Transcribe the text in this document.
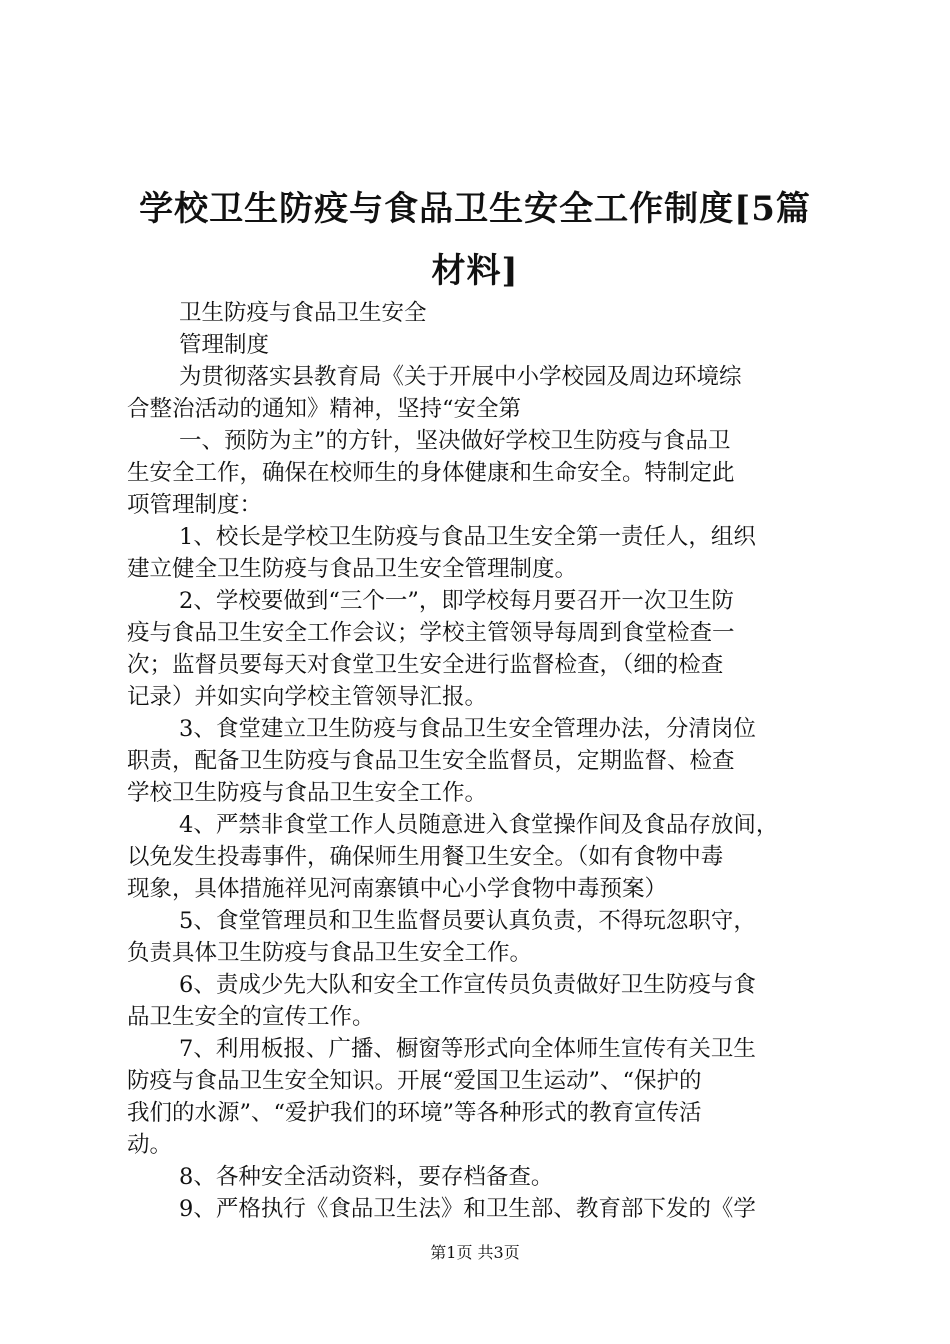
学校卫生防疫与食品卫生安全工作制度[5篇
材料]
卫生防疫与食品卫生安全
管理制度
为贯彻落实县教育局《关于开展中小学校园及周边环境综
合整治活动的通知》精神，坚持“安全第
一、预防为主”的方针，坚决做好学校卫生防疫与食品卫
生安全工作，确保在校师生的身体健康和生命安全。特制定此
项管理制度：
1、校长是学校卫生防疫与食品卫生安全第一责任人，组织
建立健全卫生防疫与食品卫生安全管理制度。
2、学校要做到“三个一”，即学校每月要召开一次卫生防
疫与食品卫生安全工作会议；学校主管领导每周到食堂检查一
次；监督员要每天对食堂卫生安全进行监督检查，（细的检查
记录）并如实向学校主管领导汇报。
3、食堂建立卫生防疫与食品卫生安全管理办法，分清岗位
职责，配备卫生防疫与食品卫生安全监督员，定期监督、检查
学校卫生防疫与食品卫生安全工作。
4、严禁非食堂工作人员随意进入食堂操作间及食品存放间，
以免发生投毒事件，确保师生用餐卫生安全。（如有食物中毒
现象，具体措施祥见河南寨镇中心小学食物中毒预案）
5、食堂管理员和卫生监督员要认真负责，不得玩忽职守，
负责具体卫生防疫与食品卫生安全工作。
6、责成少先大队和安全工作宣传员负责做好卫生防疫与食
品卫生安全的宣传工作。
7、利用板报、广播、橱窗等形式向全体师生宣传有关卫生
防疫与食品卫生安全知识。开展“爱国卫生运动”、“保护的
我们的水源”、“爱护我们的环境”等各种形式的教育宣传活
动。
8、各种安全活动资料，要存档备查。
9、严格执行《食品卫生法》和卫生部、教育部下发的《学
第1页 共3页
